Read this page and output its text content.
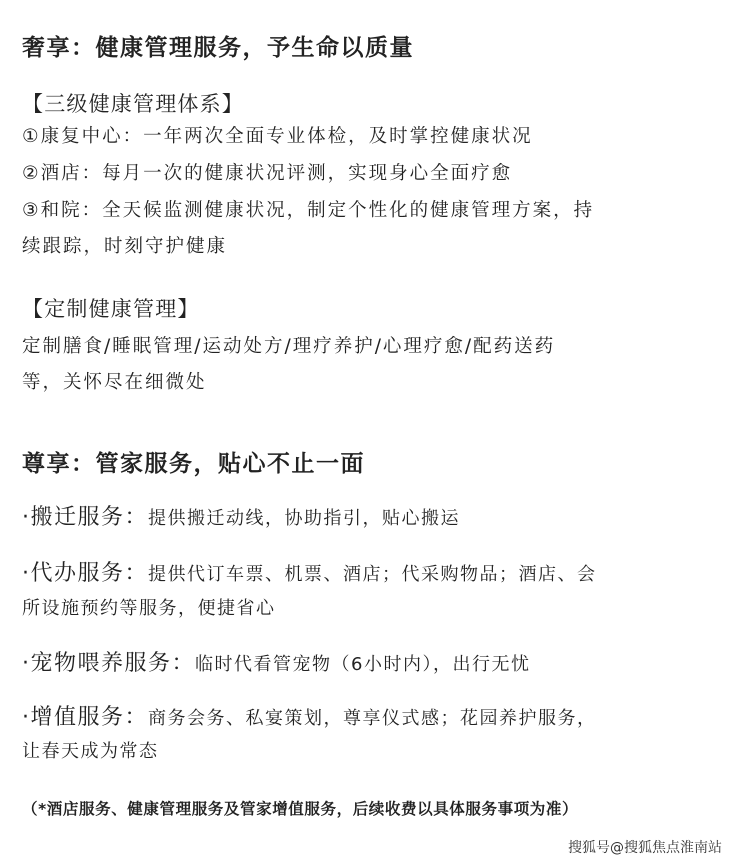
奢享：健康管理服务，予生命以质量
【三级健康管理体系】
①康复中心：一年两次全面专业体检，及时掌控健康状况
②酒店：每月一次的健康状况评测，实现身心全面疗愈
③和院：全天候监测健康状况，制定个性化的健康管理方案，持
续跟踪，时刻守护健康
【定制健康管理】
定制膳食/睡眠管理/运动处方/理疗养护/心理疗愈/配药送药
等，关怀尽在细微处
尊享：管家服务，贴心不止一面
·搬迁服务：提供搬迁动线，协助指引，贴心搬运
·代办服务：提供代订车票、机票、酒店；代采购物品；酒店、会
所设施预约等服务，便捷省心
·宠物喂养服务：临时代看管宠物（6小时内），出行无忧
·增值服务：商务会务、私宴策划，尊享仪式感；花园养护服务，
让春天成为常态
（*酒店服务、健康管理服务及管家增值服务，后续收费以具体服务事项为准）
搜狐号@搜狐焦点淮南站
